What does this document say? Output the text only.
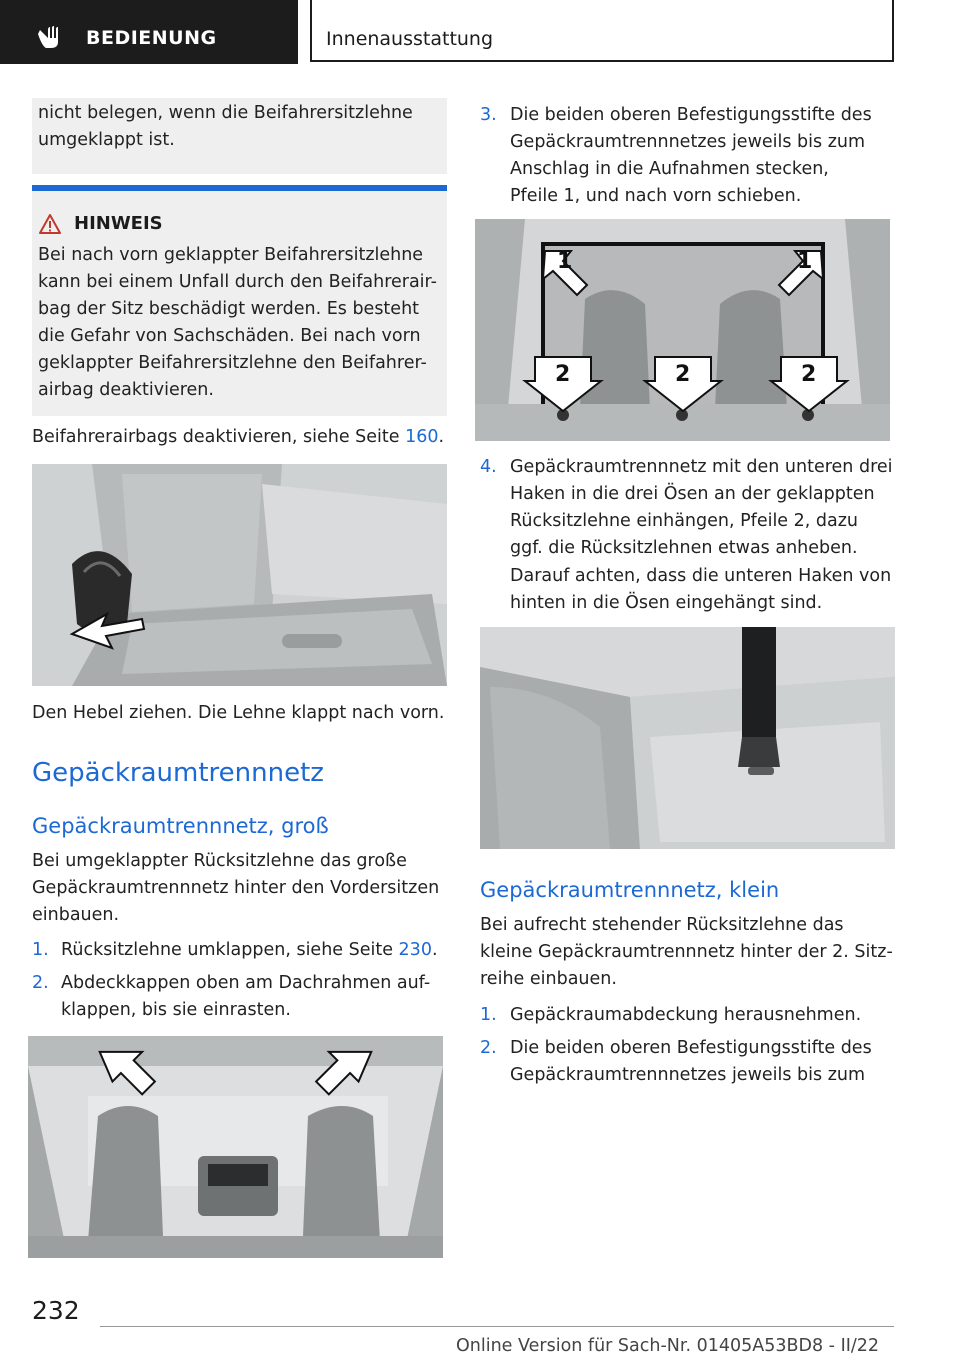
BEDIENUNG	Innenausstattung
nicht belegen, wenn die Beifahrersitzlehne
umgeklappt ist.
HINWEIS
Bei nach vorn geklappter Beifahrersitzlehne
kann bei einem Unfall durch den Beifahrerair-
bag der Sitz beschädigt werden. Es besteht
die Gefahr von Sachschäden. Bei nach vorn
geklappter Beifahrersitzlehne den Beifahrer-
airbag deaktivieren.
Beifahrerairbags deaktivieren, siehe Seite 160.
Den Hebel ziehen. Die Lehne klappt nach vorn.
Gepäckraumtrennnetz
Gepäckraumtrennnetz, groß
Bei umgeklappter Rücksitzlehne das große
Gepäckraumtrennnetz hinter den Vordersitzen
einbauen.
1. Rücksitzlehne umklappen, siehe Seite 230.
2. Abdeckkappen oben am Dachrahmen auf-
klappen, bis sie einrasten.
3. Die beiden oberen Befestigungsstifte des
Gepäckraumtrennnetzes jeweils bis zum
Anschlag in die Aufnahmen stecken,
Pfeile 1, und nach vorn schieben.
1	1
2	2	2
4. Gepäckraumtrennnetz mit den unteren drei
Haken in die drei Ösen an der geklappten
Rücksitzlehne einhängen, Pfeile 2, dazu
ggf. die Rücksitzlehnen etwas anheben.
Darauf achten, dass die unteren Haken von
hinten in die Ösen eingehängt sind.
Gepäckraumtrennnetz, klein
Bei aufrecht stehender Rücksitzlehne das
kleine Gepäckraumtrennnetz hinter der 2. Sitz-
reihe einbauen.
1. Gepäckraumabdeckung herausnehmen.
2. Die beiden oberen Befestigungsstifte des
Gepäckraumtrennnetzes jeweils bis zum
232
Online Version für Sach-Nr. 01405A53BD8 - II/22
